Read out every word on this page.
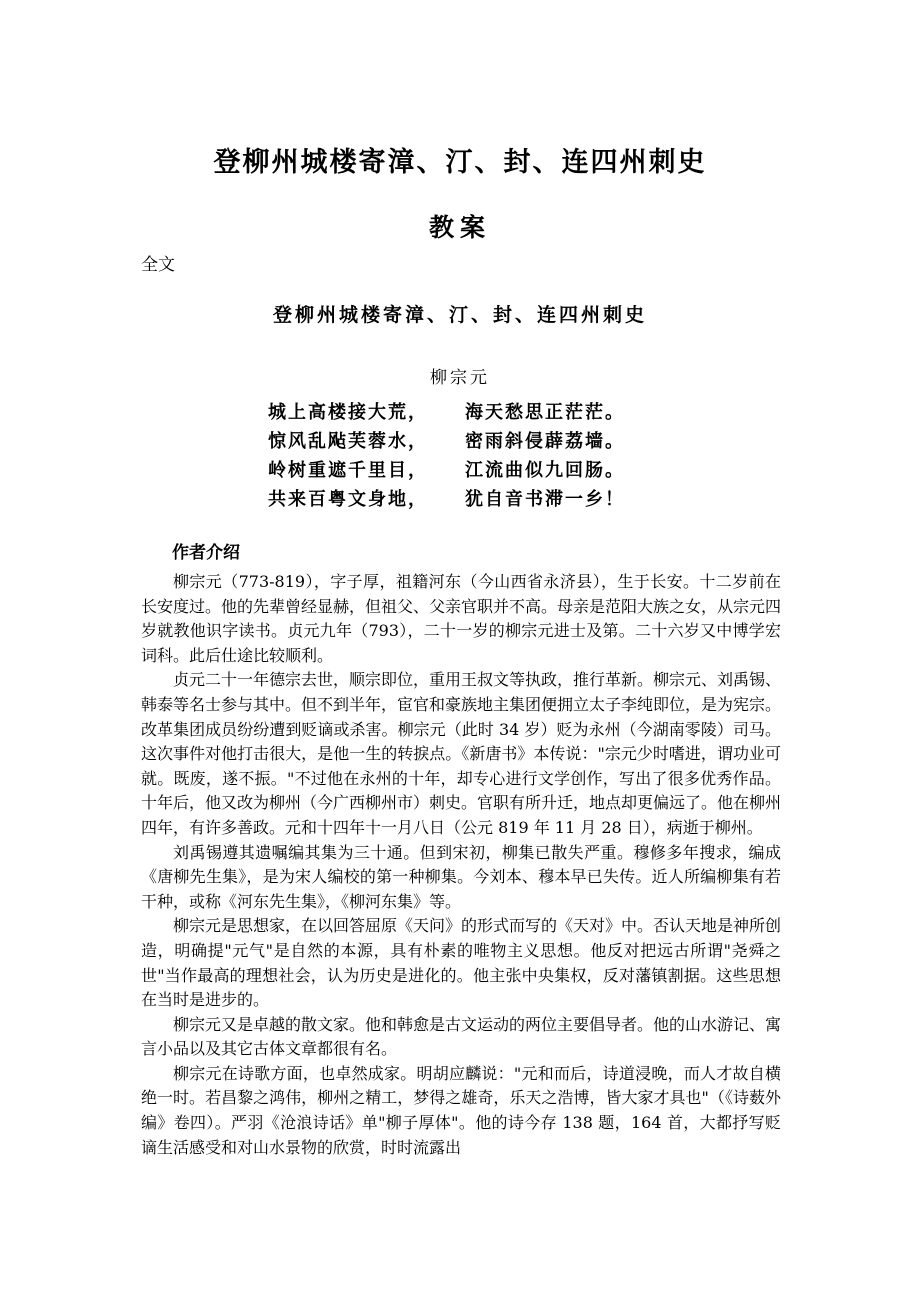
登柳州城楼寄漳、汀、封、连四州刺史
教案
全文
登柳州城楼寄漳、汀、封、连四州刺史
柳宗元
城上高楼接大荒，	海天愁思正茫茫。
惊风乱飐芙蓉水，	密雨斜侵薜荔墙。
岭树重遮千里目，	江流曲似九回肠。
共来百粤文身地，	犹自音书滞一乡！
作者介绍

柳宗元（773-819），字子厚，祖籍河东（今山西省永济县），生于长安。十二岁前在长安度过。他的先辈曾经显赫，但祖父、父亲官职并不高。母亲是范阳大族之女，从宗元四岁就教他识字读书。贞元九年（793），二十一岁的柳宗元进士及第。二十六岁又中博学宏词科。此后仕途比较顺利。

贞元二十一年德宗去世，顺宗即位，重用王叔文等执政，推行革新。柳宗元、刘禹锡、韩泰等名士参与其中。但不到半年，宦官和豪族地主集团便拥立太子李纯即位，是为宪宗。改革集团成员纷纷遭到贬谪或杀害。柳宗元（此时 34 岁）贬为永州（今湖南零陵）司马。这次事件对他打击很大，是他一生的转捩点。《新唐书》本传说："宗元少时嗜进，谓功业可就。既废，遂不振。"不过他在永州的十年，却专心进行文学创作，写出了很多优秀作品。十年后，他又改为柳州（今广西柳州市）刺史。官职有所升迁，地点却更偏远了。他在柳州四年，有许多善政。元和十四年十一月八日（公元 819 年 11 月 28 日），病逝于柳州。

刘禹锡遵其遗嘱编其集为三十通。但到宋初，柳集已散失严重。穆修多年搜求，编成《唐柳先生集》，是为宋人编校的第一种柳集。今刘本、穆本早已失传。近人所编柳集有若干种，或称《河东先生集》，《柳河东集》等。

柳宗元是思想家，在以回答屈原《天问》的形式而写的《天对》中。否认天地是神所创造，明确提"元气"是自然的本源，具有朴素的唯物主义思想。他反对把远古所谓"尧舜之世"当作最高的理想社会，认为历史是进化的。他主张中央集权，反对藩镇割据。这些思想在当时是进步的。

柳宗元又是卓越的散文家。他和韩愈是古文运动的两位主要倡导者。他的山水游记、寓言小品以及其它古体文章都很有名。

柳宗元在诗歌方面，也卓然成家。明胡应麟说："元和而后，诗道浸晚，而人才故自横绝一时。若昌黎之鸿伟，柳州之精工，梦得之雄奇，乐天之浩博，皆大家才具也"（《诗薮外编》卷四）。严羽《沧浪诗话》单"柳子厚体"。他的诗今存 138 题，164 首，大都抒写贬谪生活感受和对山水景物的欣赏，时时流露出
